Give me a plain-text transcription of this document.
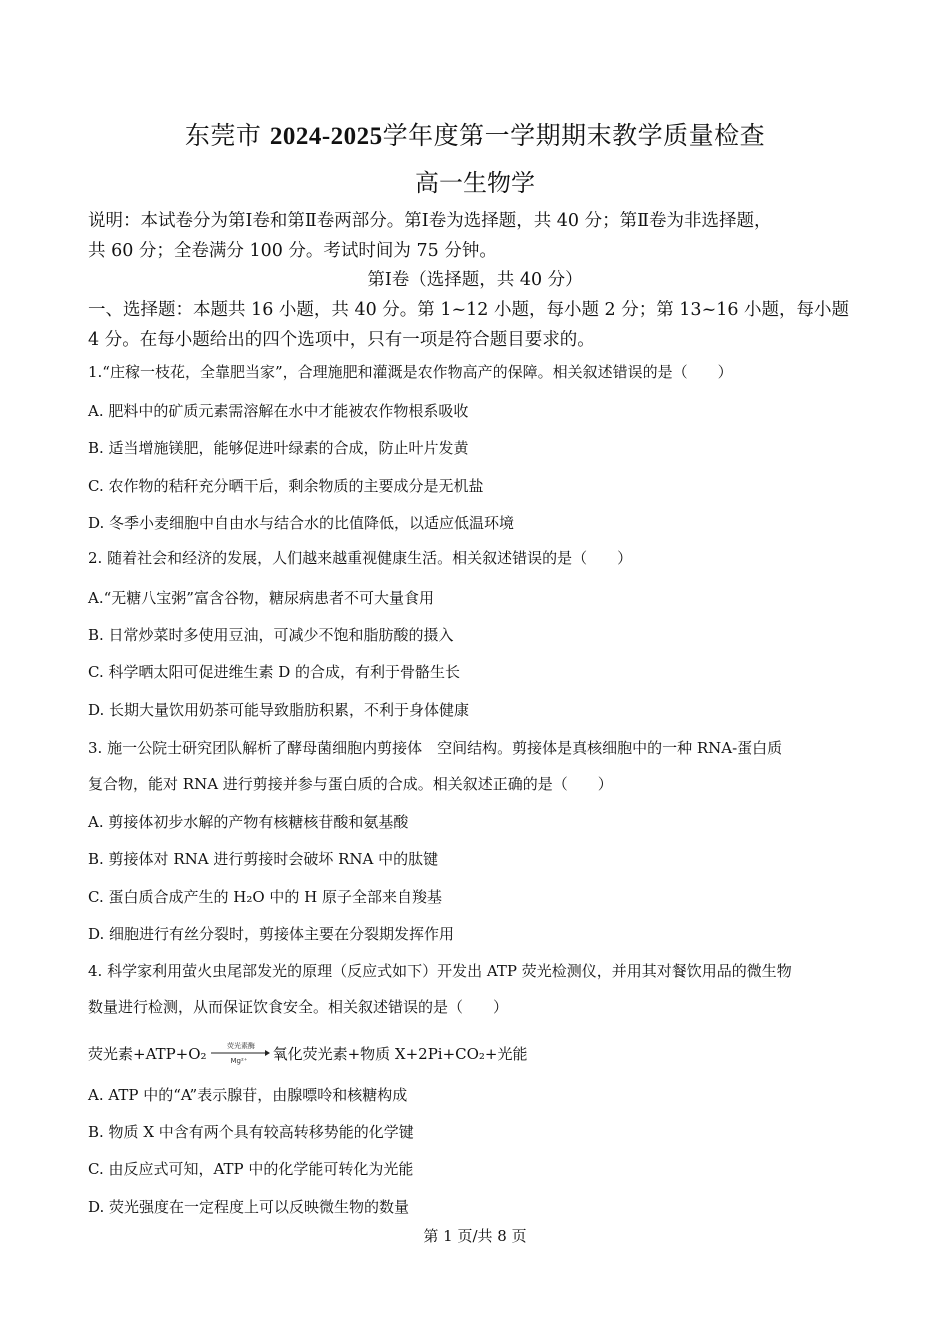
东莞市 2024-2025学年度第一学期期末教学质量检查
高一生物学
说明：本试卷分为第Ⅰ卷和第Ⅱ卷两部分。第Ⅰ卷为选择题，共 40 分；第Ⅱ卷为非选择题，
共 60 分；全卷满分 100 分。考试时间为 75 分钟。
第Ⅰ卷（选择题，共 40 分）
一、选择题：本题共 16 小题，共 40 分。第 1~12 小题，每小题 2 分；第 13~16 小题，每小题
4 分。在每小题给出的四个选项中，只有一项是符合题目要求的。
1.“庄稼一枝花，全靠肥当家”，合理施肥和灌溉是农作物高产的保障。相关叙述错误的是（　　）
A. 肥料中的矿质元素需溶解在水中才能被农作物根系吸收
B. 适当增施镁肥，能够促进叶绿素的合成，防止叶片发黄
C. 农作物的秸秆充分晒干后，剩余物质的主要成分是无机盐
D. 冬季小麦细胞中自由水与结合水的比值降低，以适应低温环境
2. 随着社会和经济的发展，人们越来越重视健康生活。相关叙述错误的是（　　）
A.“无糖八宝粥”富含谷物，糖尿病患者不可大量食用
B. 日常炒菜时多使用豆油，可减少不饱和脂肪酸的摄入
C. 科学晒太阳可促进维生素 D 的合成，有利于骨骼生长
D. 长期大量饮用奶茶可能导致脂肪积累，不利于身体健康
3. 施一公院士研究团队解析了酵母菌细胞内剪接体　空间结构。剪接体是真核细胞中的一种 RNA-蛋白质
复合物，能对 RNA 进行剪接并参与蛋白质的合成。相关叙述正确的是（　　）
A. 剪接体初步水解的产物有核糖核苷酸和氨基酸
B. 剪接体对 RNA 进行剪接时会破坏 RNA 中的肽键
C. 蛋白质合成产生的 H₂O 中的 H 原子全部来自羧基
D. 细胞进行有丝分裂时，剪接体主要在分裂期发挥作用
4. 科学家利用萤火虫尾部发光的原理（反应式如下）开发出 ATP 荧光检测仪，并用其对餐饮用品的微生物
数量进行检测，从而保证饮食安全。相关叙述错误的是（　　）
荧光素+ATP+O₂	荧光素酶
Mg²⁺ 氧化荧光素+物质 X+2Pi+CO₂+光能
A. ATP 中的“A”表示腺苷，由腺嘌呤和核糖构成
B. 物质 X 中含有两个具有较高转移势能的化学键
C. 由反应式可知，ATP 中的化学能可转化为光能
D. 荧光强度在一定程度上可以反映微生物的数量
第 1 页/共 8 页
